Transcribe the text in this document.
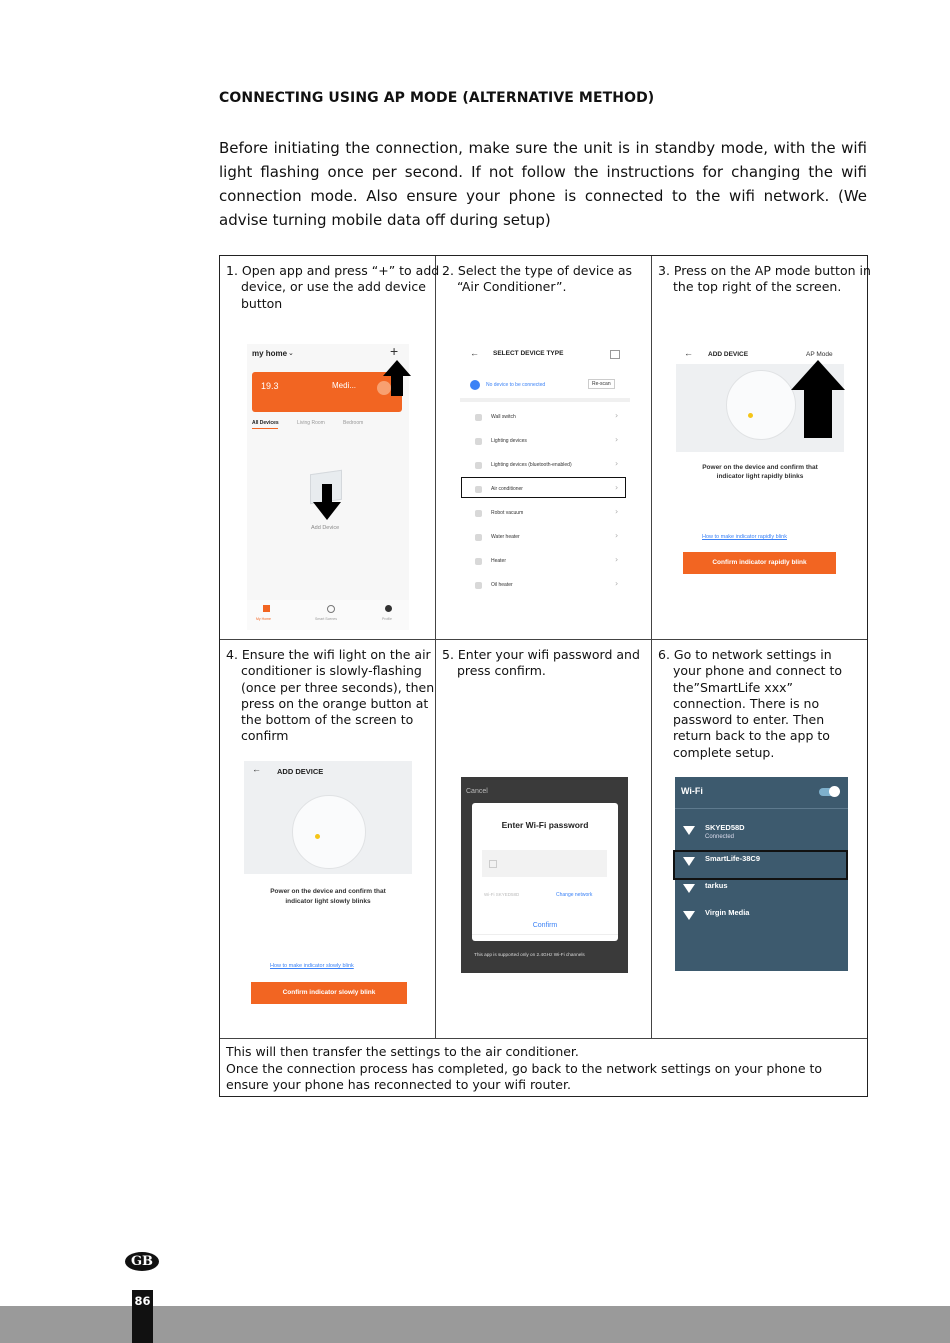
CONNECTING USING AP MODE (ALTERNATIVE METHOD)
Before initiating the connection, make sure the unit is in standby mode, with the wifi light flashing once per second. If not follow the instructions for changing the wifi connection mode. Also ensure your phone is connected to the wifi network. (We advise turning mobile data off during setup)
1. Open app and press “+” to add device, or use the add device button
2. Select the type of device as “Air Conditioner”.
3. Press on the AP mode button in the top right of the screen.
4. Ensure the wifi light on the air conditioner is slowly-flashing (once per three seconds), then press on the orange button at the bottom of the screen to confirm
5. Enter your wifi password and press confirm.
6. Go to network settings in your phone and connect to the”SmartLife xxx” connection. There is no password to enter. Then return back to the app to complete setup.
my home ⌄	+
19.3	Medi...
All Devices	Living Room	Bedroom
Add Device
My Home	Smart Scenes	Profile
← SELECT DEVICE TYPE
No device to be connected	Re-scan
Wall switch	›
Lighting devices	›
Lighting devices (bluetooth-enabled)	›
Air conditioner	›
Robot vacuum	›
Water heater	›
Heater	›
Oil heater	›
← ADD DEVICE	AP Mode
Power on the device and confirm that indicator light rapidly blinks
How to make indicator rapidly blink
Confirm indicator rapidly blink
← ADD DEVICE
Power on the device and confirm that indicator light slowly blinks
How to make indicator slowly blink
Confirm indicator slowly blink
Cancel
Enter Wi-Fi password
Wi-Fi SKYED58D	Change network
Confirm
This app is supported only on 2.4GHz Wi-Fi channels
Wi-Fi
SKYED58D
Connected
SmartLife-38C9
tarkus
Virgin Media
This will then transfer the settings to the air conditioner.
Once the connection process has completed, go back to the network settings on your phone to ensure your phone has reconnected to your wifi router.
GB
86
